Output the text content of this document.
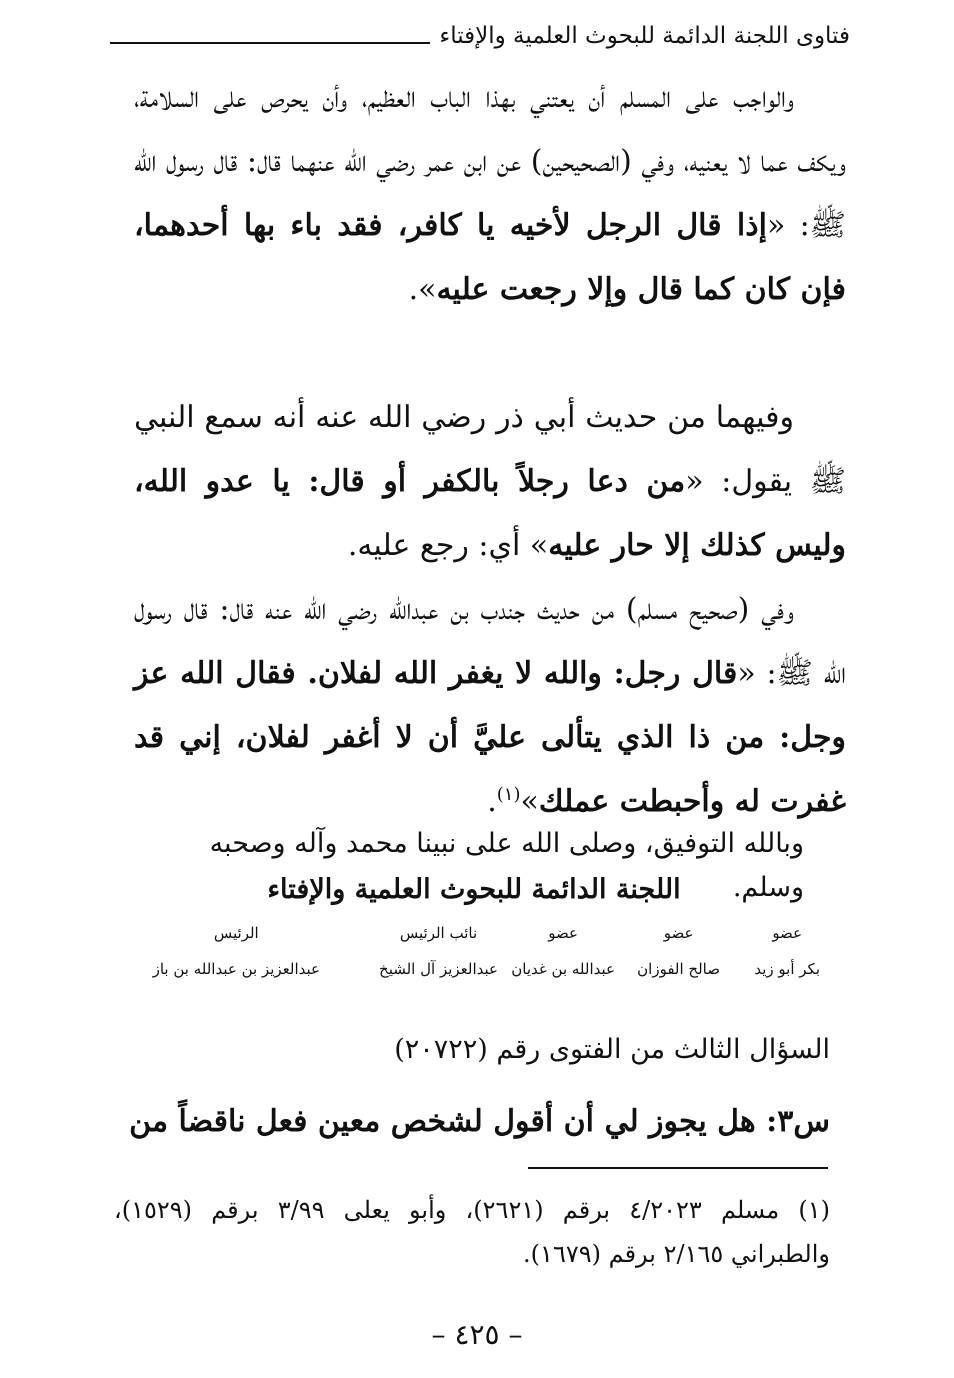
فتاوى اللجنة الدائمة للبحوث العلمية والإفتاء

والواجب على المسلم أن يعتني بهذا الباب العظيم، وأن يحرص على السلامة، ويكف عما لا يعنيه، وفي (الصحيحين) عن ابن عمر رضي الله عنهما قال: قال رسول الله ﷺ: «إذا قال الرجل لأخيه يا كافر، فقد باء بها أحدهما، فإن كان كما قال وإلا رجعت عليه».

وفيهما من حديث أبي ذر رضي الله عنه أنه سمع النبي ﷺ يقول: «من دعا رجلاً بالكفر أو قال: يا عدو الله، وليس كذلك إلا حار عليه» أي: رجع عليه.

وفي (صحيح مسلم) من حديث جندب بن عبدالله رضي الله عنه قال: قال رسول الله ﷺ: «قال رجل: والله لا يغفر الله لفلان. فقال الله عز وجل: من ذا الذي يتألى عليَّ أن لا أغفر لفلان، إني قد غفرت له وأحبطت عملك»$^{(١)}$.

وبالله التوفيق، وصلى الله على نبينا محمد وآله وصحبه وسلم.
اللجنة الدائمة للبحوث العلمية والإفتاء
عضو
بكر أبو زيد
عضو
صالح الفوزان
عضو
عبدالله بن غديان
نائب الرئيس
عبدالعزيز آل الشيخ
الرئيس
عبدالعزيز بن عبدالله بن باز
السؤال الثالث من الفتوى رقم (٢٠٧٢٢)
س٣: هل يجوز لي أن أقول لشخص معين فعل ناقضاً من
(١) مسلم ٤/٢٠٢٣ برقم (٢٦٢١)، وأبو يعلى ٣/٩٩ برقم (١٥٢٩)، والطبراني ٢/١٦٥ برقم (١٦٧٩).
– ٤٢٥ –
